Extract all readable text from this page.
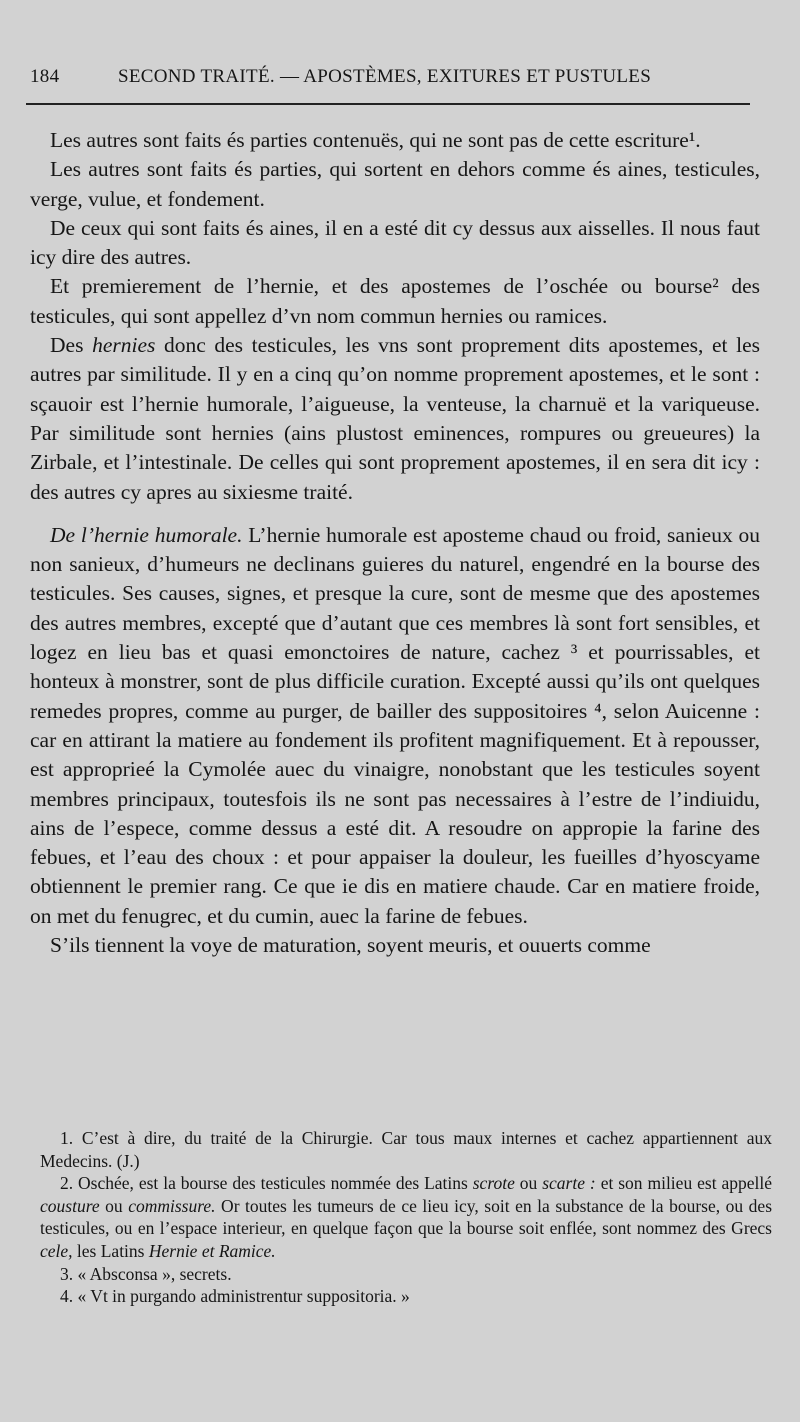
184	SECOND TRAITÉ. — APOSTÈMES, EXITURES ET PUSTULES

Les autres sont faits és parties contenuës, qui ne sont pas de cette escriture¹.

Les autres sont faits és parties, qui sortent en dehors comme és aines, testicules, verge, vulue, et fondement.

De ceux qui sont faits és aines, il en a esté dit cy dessus aux aisselles. Il nous faut icy dire des autres.

Et premierement de l’hernie, et des apostemes de l’oschée ou bourse² des testicules, qui sont appellez d’vn nom commun hernies ou ramices.

Des hernies donc des testicules, les vns sont proprement dits apostemes, et les autres par similitude. Il y en a cinq qu’on nomme proprement apostemes, et le sont : sçauoir est l’hernie humorale, l’aigueuse, la venteuse, la charnuë et la variqueuse. Par similitude sont hernies (ains plustost eminences, rompures ou greueures) la Zirbale, et l’intestinale. De celles qui sont proprement apostemes, il en sera dit icy : des autres cy apres au sixiesme traité.

De l’hernie humorale. L’hernie humorale est aposteme chaud ou froid, sanieux ou non sanieux, d’humeurs ne declinans guieres du naturel, engendré en la bourse des testicules. Ses causes, signes, et presque la cure, sont de mesme que des apostemes des autres membres, excepté que d’autant que ces membres là sont fort sensibles, et logez en lieu bas et quasi emonctoires de nature, cachez ³ et pourrissables, et honteux à monstrer, sont de plus difficile curation. Excepté aussi qu’ils ont quelques remedes propres, comme au purger, de bailler des suppositoires ⁴, selon Auicenne : car en attirant la matiere au fondement ils profitent magnifiquement. Et à repousser, est approprieé la Cymolée auec du vinaigre, nonobstant que les testicules soyent membres principaux, toutesfois ils ne sont pas necessaires à l’estre de l’indiuidu, ains de l’espece, comme dessus a esté dit. A resoudre on appropie la farine des febues, et l’eau des choux : et pour appaiser la douleur, les fueilles d’hyoscyame obtiennent le premier rang. Ce que ie dis en matiere chaude. Car en matiere froide, on met du fenugrec, et du cumin, auec la farine de febues.

S’ils tiennent la voye de maturation, soyent meuris, et ouuerts comme

1. C’est à dire, du traité de la Chirurgie. Car tous maux internes et cachez appartiennent aux Medecins. (J.)

2. Oschée, est la bourse des testicules nommée des Latins scrote ou scarte : et son milieu est appellé cousture ou commissure. Or toutes les tumeurs de ce lieu icy, soit en la substance de la bourse, ou des testicules, ou en l’espace interieur, en quelque façon que la bourse soit enflée, sont nommez des Grecs cele, les Latins Hernie et Ramice.

3. « Absconsa », secrets.

4. « Vt in purgando administrentur suppositoria. »
